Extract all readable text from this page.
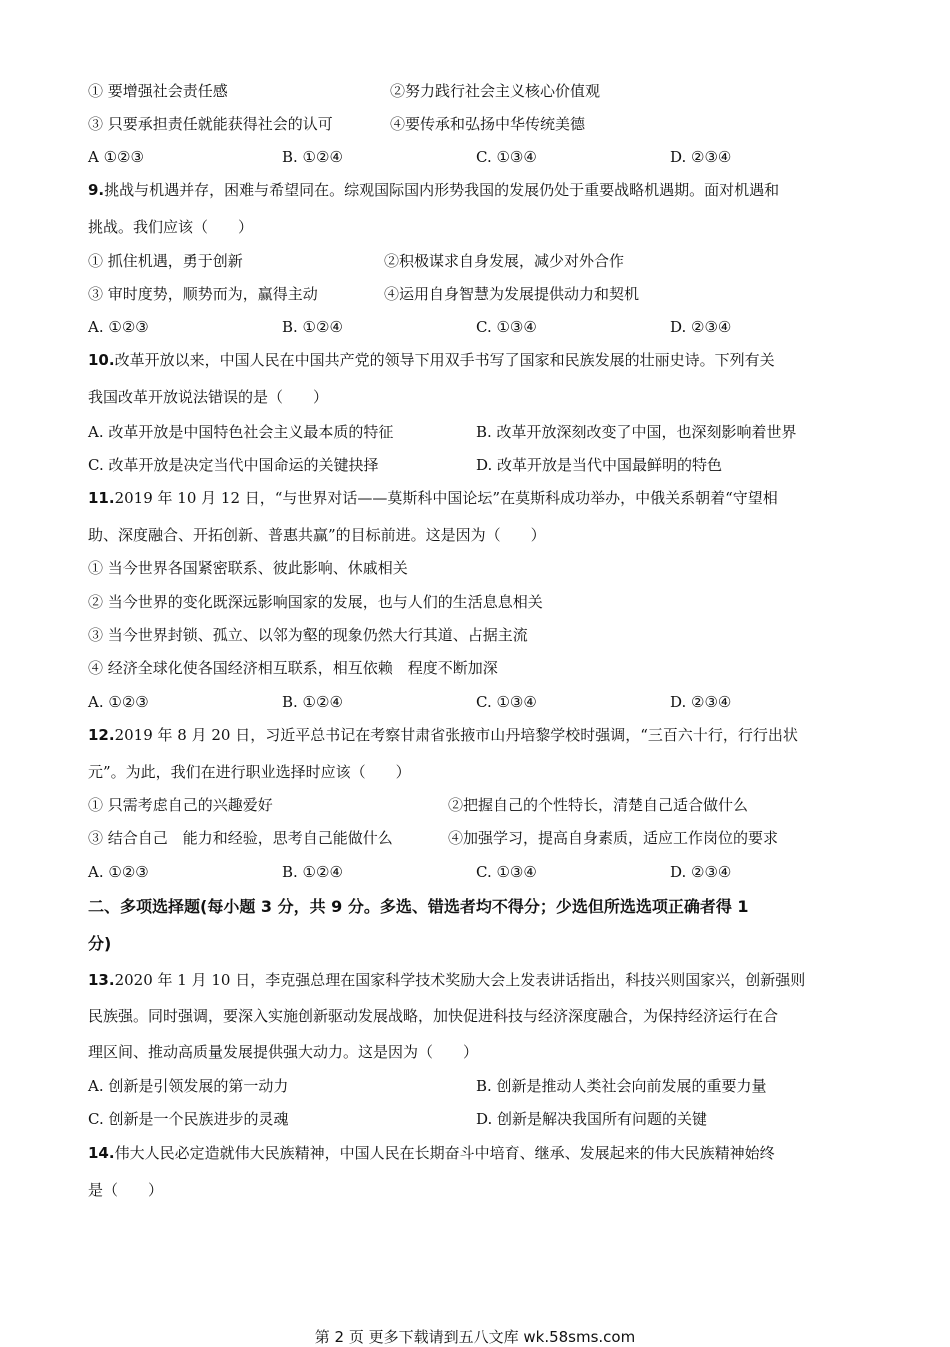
① 要增强社会责任感	②努力践行社会主义核心价值观
③ 只要承担责任就能获得社会的认可	④要传承和弘扬中华传统美德
A ①②③	B. ①②④	C. ①③④	D. ②③④
9.挑战与机遇并存，困难与希望同在。综观国际国内形势我国的发展仍处于重要战略机遇期。面对机遇和
挑战。我们应该（　　）
① 抓住机遇，勇于创新	②积极谋求自身发展，减少对外合作
③ 审时度势，顺势而为，赢得主动	④运用自身智慧为发展提供动力和契机
A. ①②③	B. ①②④	C. ①③④	D. ②③④
10.改革开放以来，中国人民在中国共产党的领导下用双手书写了国家和民族发展的壮丽史诗。下列有关
我国改革开放说法错误的是（　　）
A. 改革开放是中国特色社会主义最本质的特征	B. 改革开放深刻改变了中国，也深刻影响着世界
C. 改革开放是决定当代中国命运的关键抉择	D. 改革开放是当代中国最鲜明的特色
11.2019 年 10 月 12 日，“与世界对话——莫斯科中国论坛”在莫斯科成功举办，中俄关系朝着“守望相
助、深度融合、开拓创新、普惠共赢”的目标前进。这是因为（　　）
① 当今世界各国紧密联系、彼此影响、休戚相关
② 当今世界的变化既深远影响国家的发展，也与人们的生活息息相关
③ 当今世界封锁、孤立、以邻为壑的现象仍然大行其道、占据主流
④ 经济全球化使各国经济相互联系，相互依赖　程度不断加深
A. ①②③	B. ①②④	C. ①③④	D. ②③④
12.2019 年 8 月 20 日，习近平总书记在考察甘肃省张掖市山丹培黎学校时强调，“三百六十行，行行出状
元”。为此，我们在进行职业选择时应该（　　）
① 只需考虑自己的兴趣爱好	②把握自己的个性特长，清楚自己适合做什么
③ 结合自己　能力和经验，思考自己能做什么	④加强学习，提高自身素质，适应工作岗位的要求
A. ①②③	B. ①②④	C. ①③④	D. ②③④
二、多项选择题(每小题 3 分，共 9 分。多选、错选者均不得分；少选但所选选项正确者得 1
分)
13.2020 年 1 月 10 日，李克强总理在国家科学技术奖励大会上发表讲话指出，科技兴则国家兴，创新强则
民族强。同时强调，要深入实施创新驱动发展战略，加快促进科技与经济深度融合，为保持经济运行在合
理区间、推动高质量发展提供强大动力。这是因为（　　）
A. 创新是引领发展的第一动力	B. 创新是推动人类社会向前发展的重要力量
C. 创新是一个民族进步的灵魂	D. 创新是解决我国所有问题的关键
14.伟大人民必定造就伟大民族精神，中国人民在长期奋斗中培育、继承、发展起来的伟大民族精神始终
是（　　）
第 2 页 更多下载请到五八文库 wk.58sms.com
